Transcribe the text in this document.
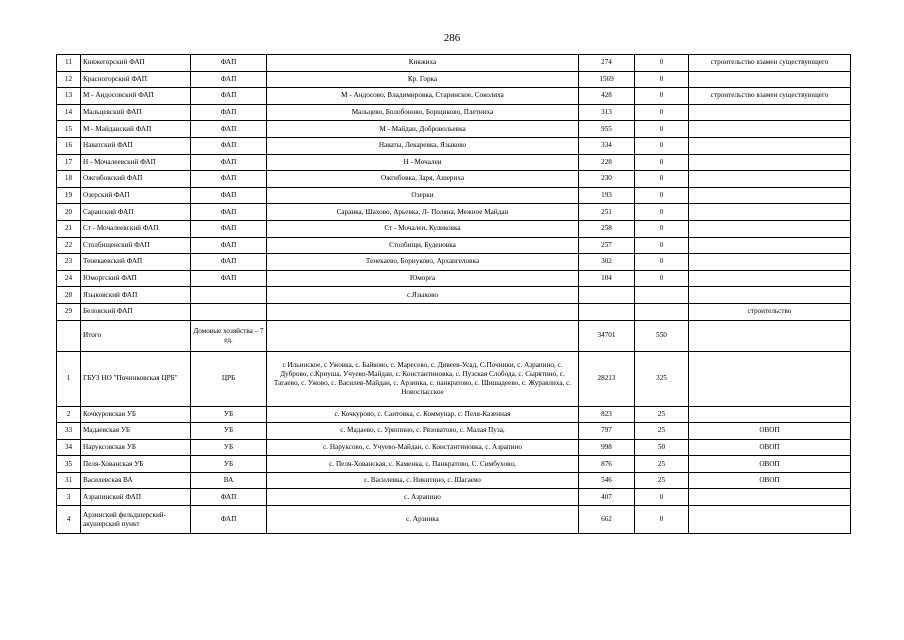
286
11	Княжегорский ФАП	ФАП	Княжиха	274	0	строительство взамен существующего
12	Красногорский ФАП	ФАП	Кр. Горка	1569	0	
13	М - Андосовский ФАП	ФАП	М - Андосово, Владимировка, Старинское, Соколиха	428	0	строительство взамен существующего
14	Мальцевский ФАП	ФАП	Мальцево, Болобоново, Борщиково, Плетниха	313	0	
15	М - Майданский ФАП	ФАП	М - Майдан, Добровольевка	955	0	
16	Наватский ФАП	ФАП	Наваты, Лекаревка, Языково	334	0	
17	Н - Мочалеевский ФАП	ФАП	Н - Мочалеи	228	0	
18	Ожгибовский ФАП	ФАП	Ожгибовка, Заря, Ашериха	230	0	
19	Озерский ФАП	ФАП	Озерки	193	0	
20	Саранский ФАП	ФАП	Саранка, Шахово, Арьевка, Л- Поляна, Межное Майдан	251	0	
21	Ст - Мочалеевский ФАП	ФАП	Ст - Мочалеи, Куликовка	258	0	
22	Столбищенский ФАП	ФАП	Столбищи, Буденовка	257	0	
23	Тенекаевский ФАП	ФАП	Тенекаево, Борнуково, Архангеловка	302	0	
24	Юморгский ФАП	ФАП	Юморга	104	0	
28	Языковский ФАП		с.Языково			
29	Беловский ФАП					строительство
	Итого	Домовые хозяйства – 7 ед.		34701	550	
1	ГБУЗ НО "Починковская ЦРБ"	ЦРБ	с Ильинское, с Ужовка, с. Байково, с. Маресево, с. Дивеев-Усад, С.Починки, с. Азрапино, с. Дуброво, с.Криуша, Учуево-Майдан, с. Константиновка, с. Пузская Слобода, с. Сырятино, с. Тагаево, с. Ужово, с. Василев-Майдан, с. Арзинка, с. панкратово, с. Шишадеево, с. Журавлиха, с. Новоспасское	28213	325	
2	Кочкуровская УБ	УБ	с. Кочкурово, с. Саитовка, с. Коммунар, с. Пеля-Казенная	823	25	
33	Мадаевская УБ	УБ	с. Мадаево, с. Урюпино, с. Рязоватово, с. Малая Пуза,	797	25	ОВОП
34	Наруксовская УБ	УБ	с. Наруксово, с. Учуево-Майдан, с. Константиновка, с. Азрапино	998	50	ОВОП
35	Пеля-Хованская УБ	УБ	с. Пеля-Хованская, с. Каменка, с. Панкратово, С. Симбухово,	876	25	ОВОП
31	Василевская ВА	ВА	с. Василевка, с. Никитино, с. Шагаево	546	25	ОВОП
3	Азрапинский ФАП	ФАП	с. Азрапино	407	0	
4	Арзинский фельдшерский-акушерский пункт	ФАП	с. Арзинка	662	0	
